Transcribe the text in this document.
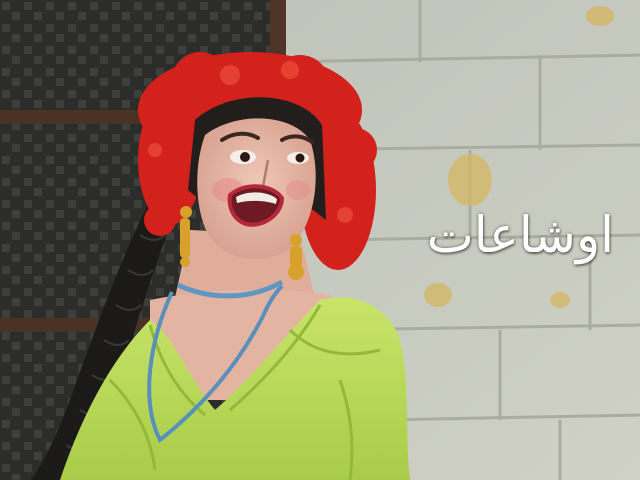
اوشاعات
